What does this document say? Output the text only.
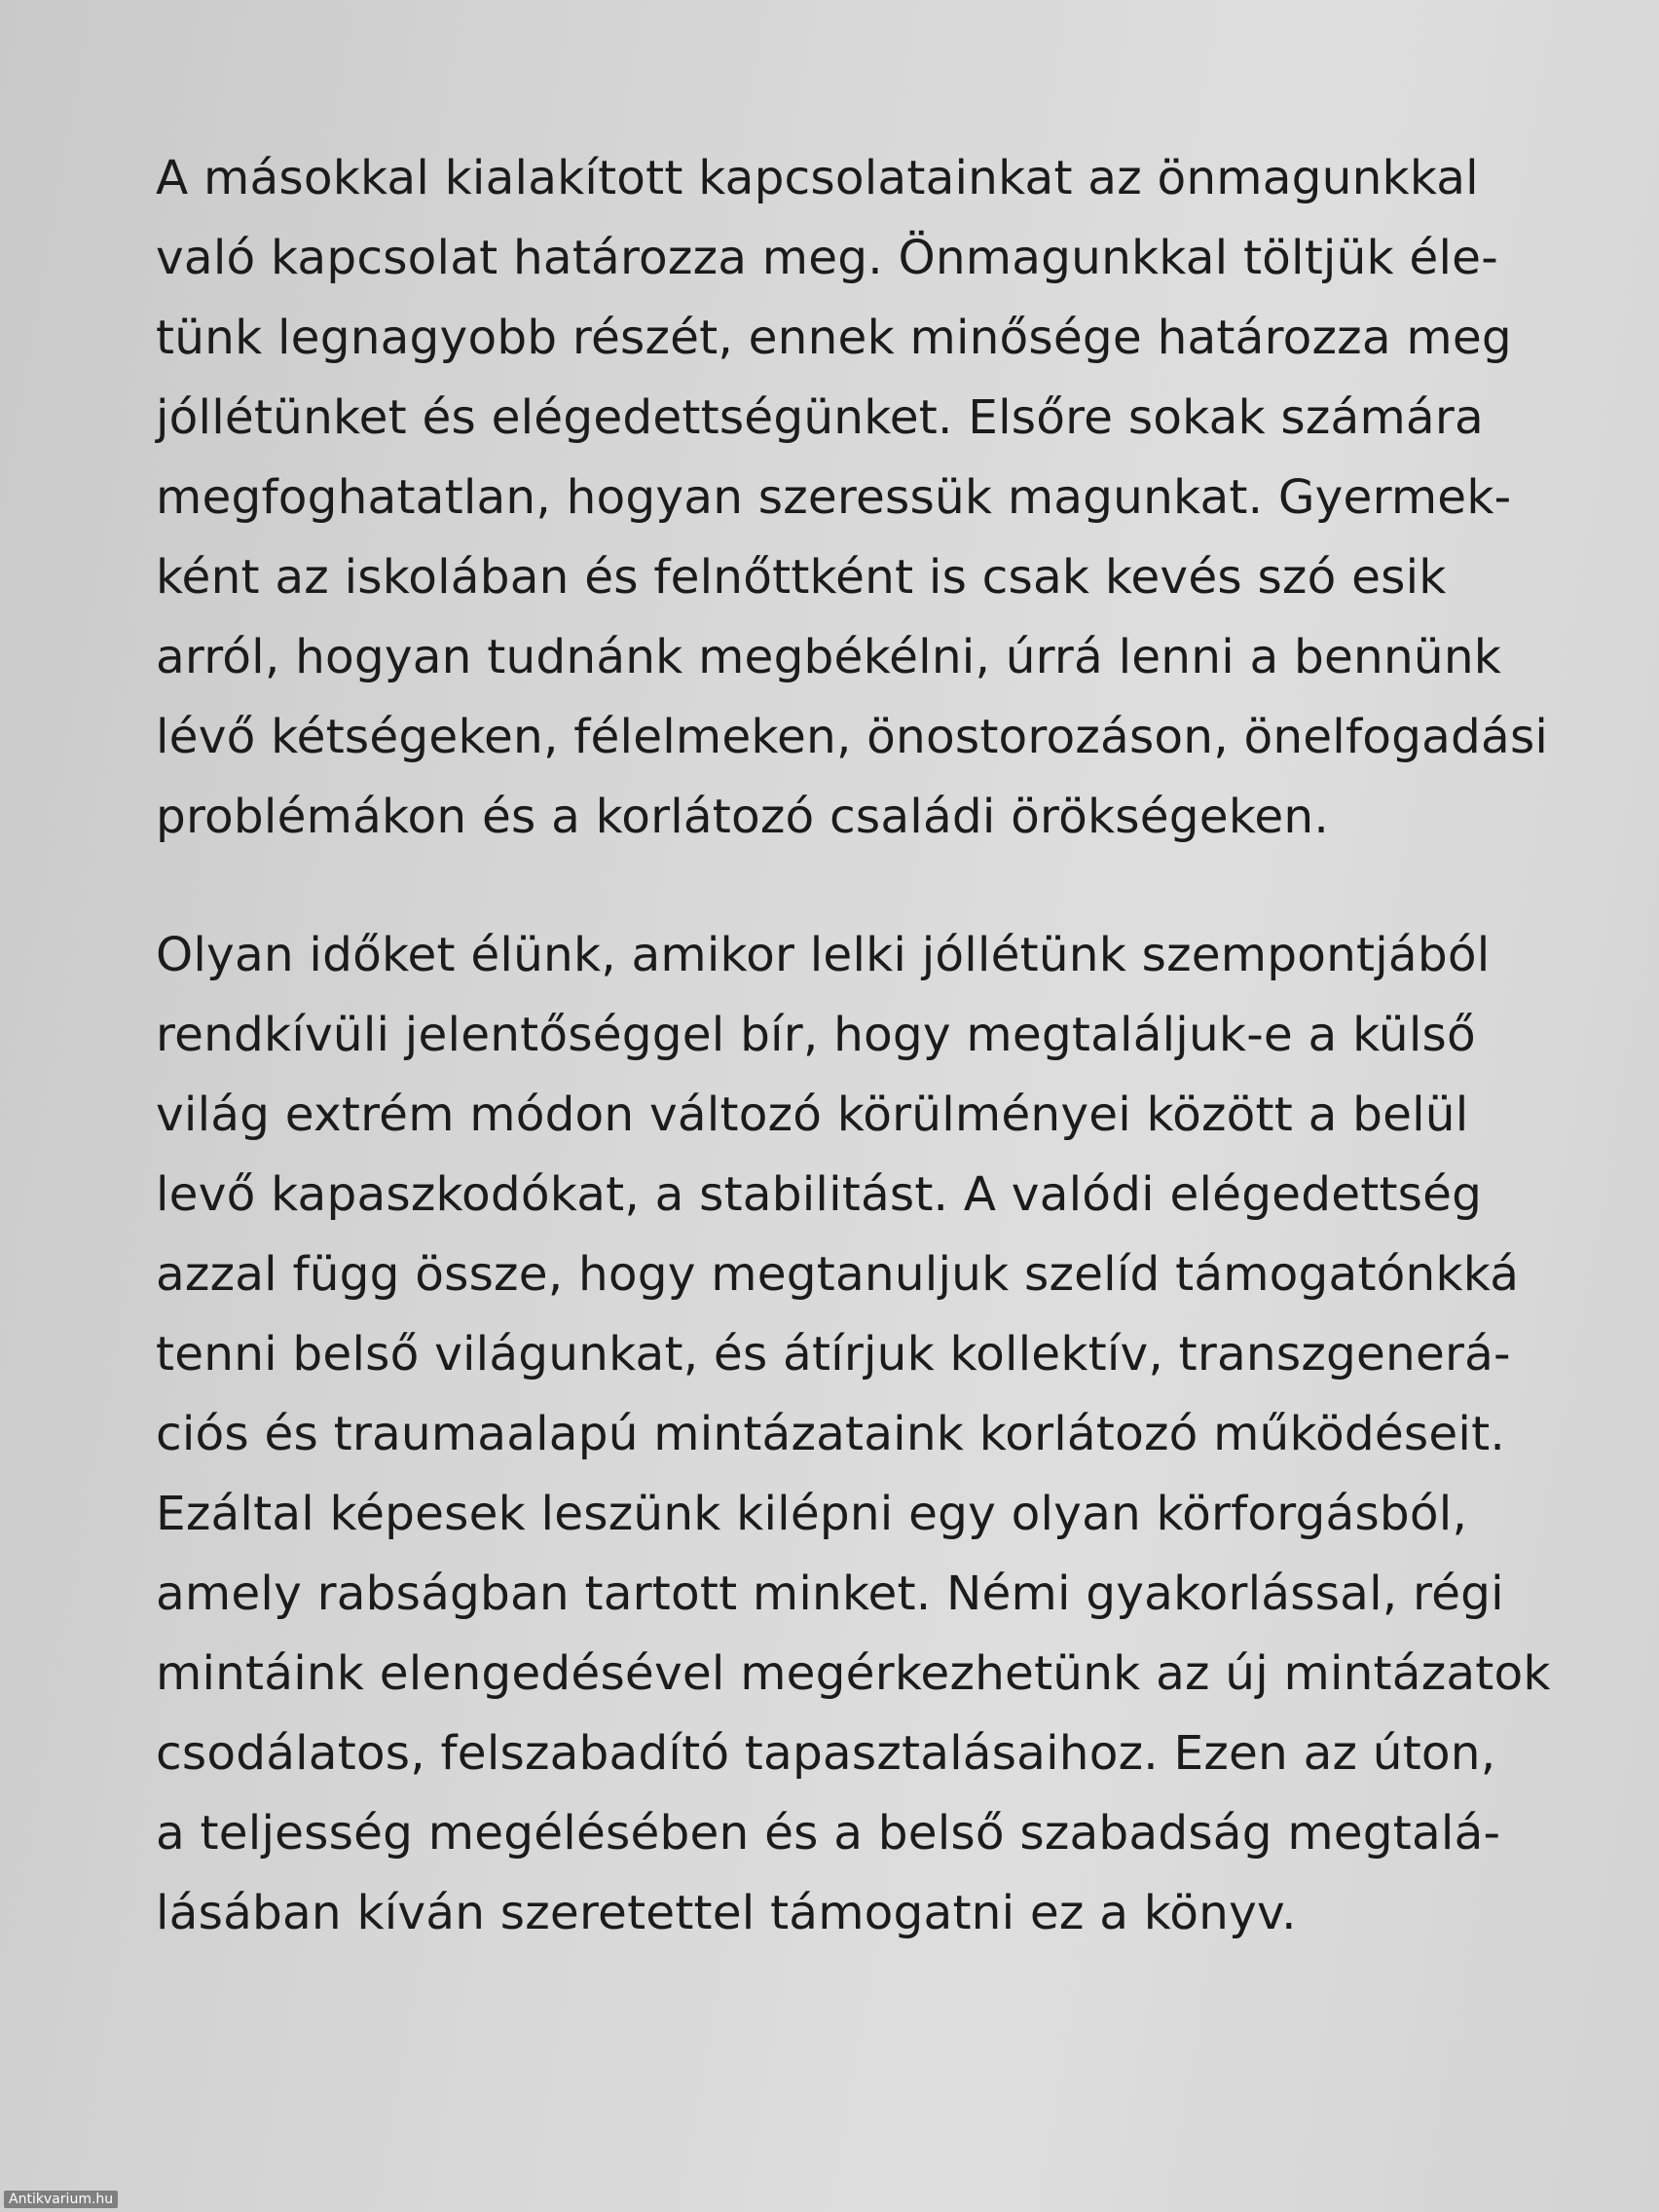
A másokkal kialakított kapcsolatainkat az önmagunkkal
való kapcsolat határozza meg. Önmagunkkal töltjük éle-
tünk legnagyobb részét, ennek minősége határozza meg
jóllétünket és elégedettségünket. Elsőre sokak számára
megfoghatatlan, hogyan szeressük magunkat. Gyermek-
ként az iskolában és felnőttként is csak kevés szó esik
arról, hogyan tudnánk megbékélni, úrrá lenni a bennünk
lévő kétségeken, félelmeken, önostorozáson, önelfogadási
problémákon és a korlátozó családi örökségeken.
Olyan időket élünk, amikor lelki jóllétünk szempontjából
rendkívüli jelentőséggel bír, hogy megtaláljuk-e a külső
világ extrém módon változó körülményei között a belül
levő kapaszkodókat, a stabilitást. A valódi elégedettség
azzal függ össze, hogy megtanuljuk szelíd támogatónkká
tenni belső világunkat, és átírjuk kollektív, transzgenerá-
ciós és traumaalapú mintázataink korlátozó működéseit.
Ezáltal képesek leszünk kilépni egy olyan körforgásból,
amely rabságban tartott minket. Némi gyakorlással, régi
mintáink elengedésével megérkezhetünk az új mintázatok
csodálatos, felszabadító tapasztalásaihoz. Ezen az úton,
a teljesség megélésében és a belső szabadság megtalá-
lásában kíván szeretettel támogatni ez a könyv.
Antikvarium.hu
